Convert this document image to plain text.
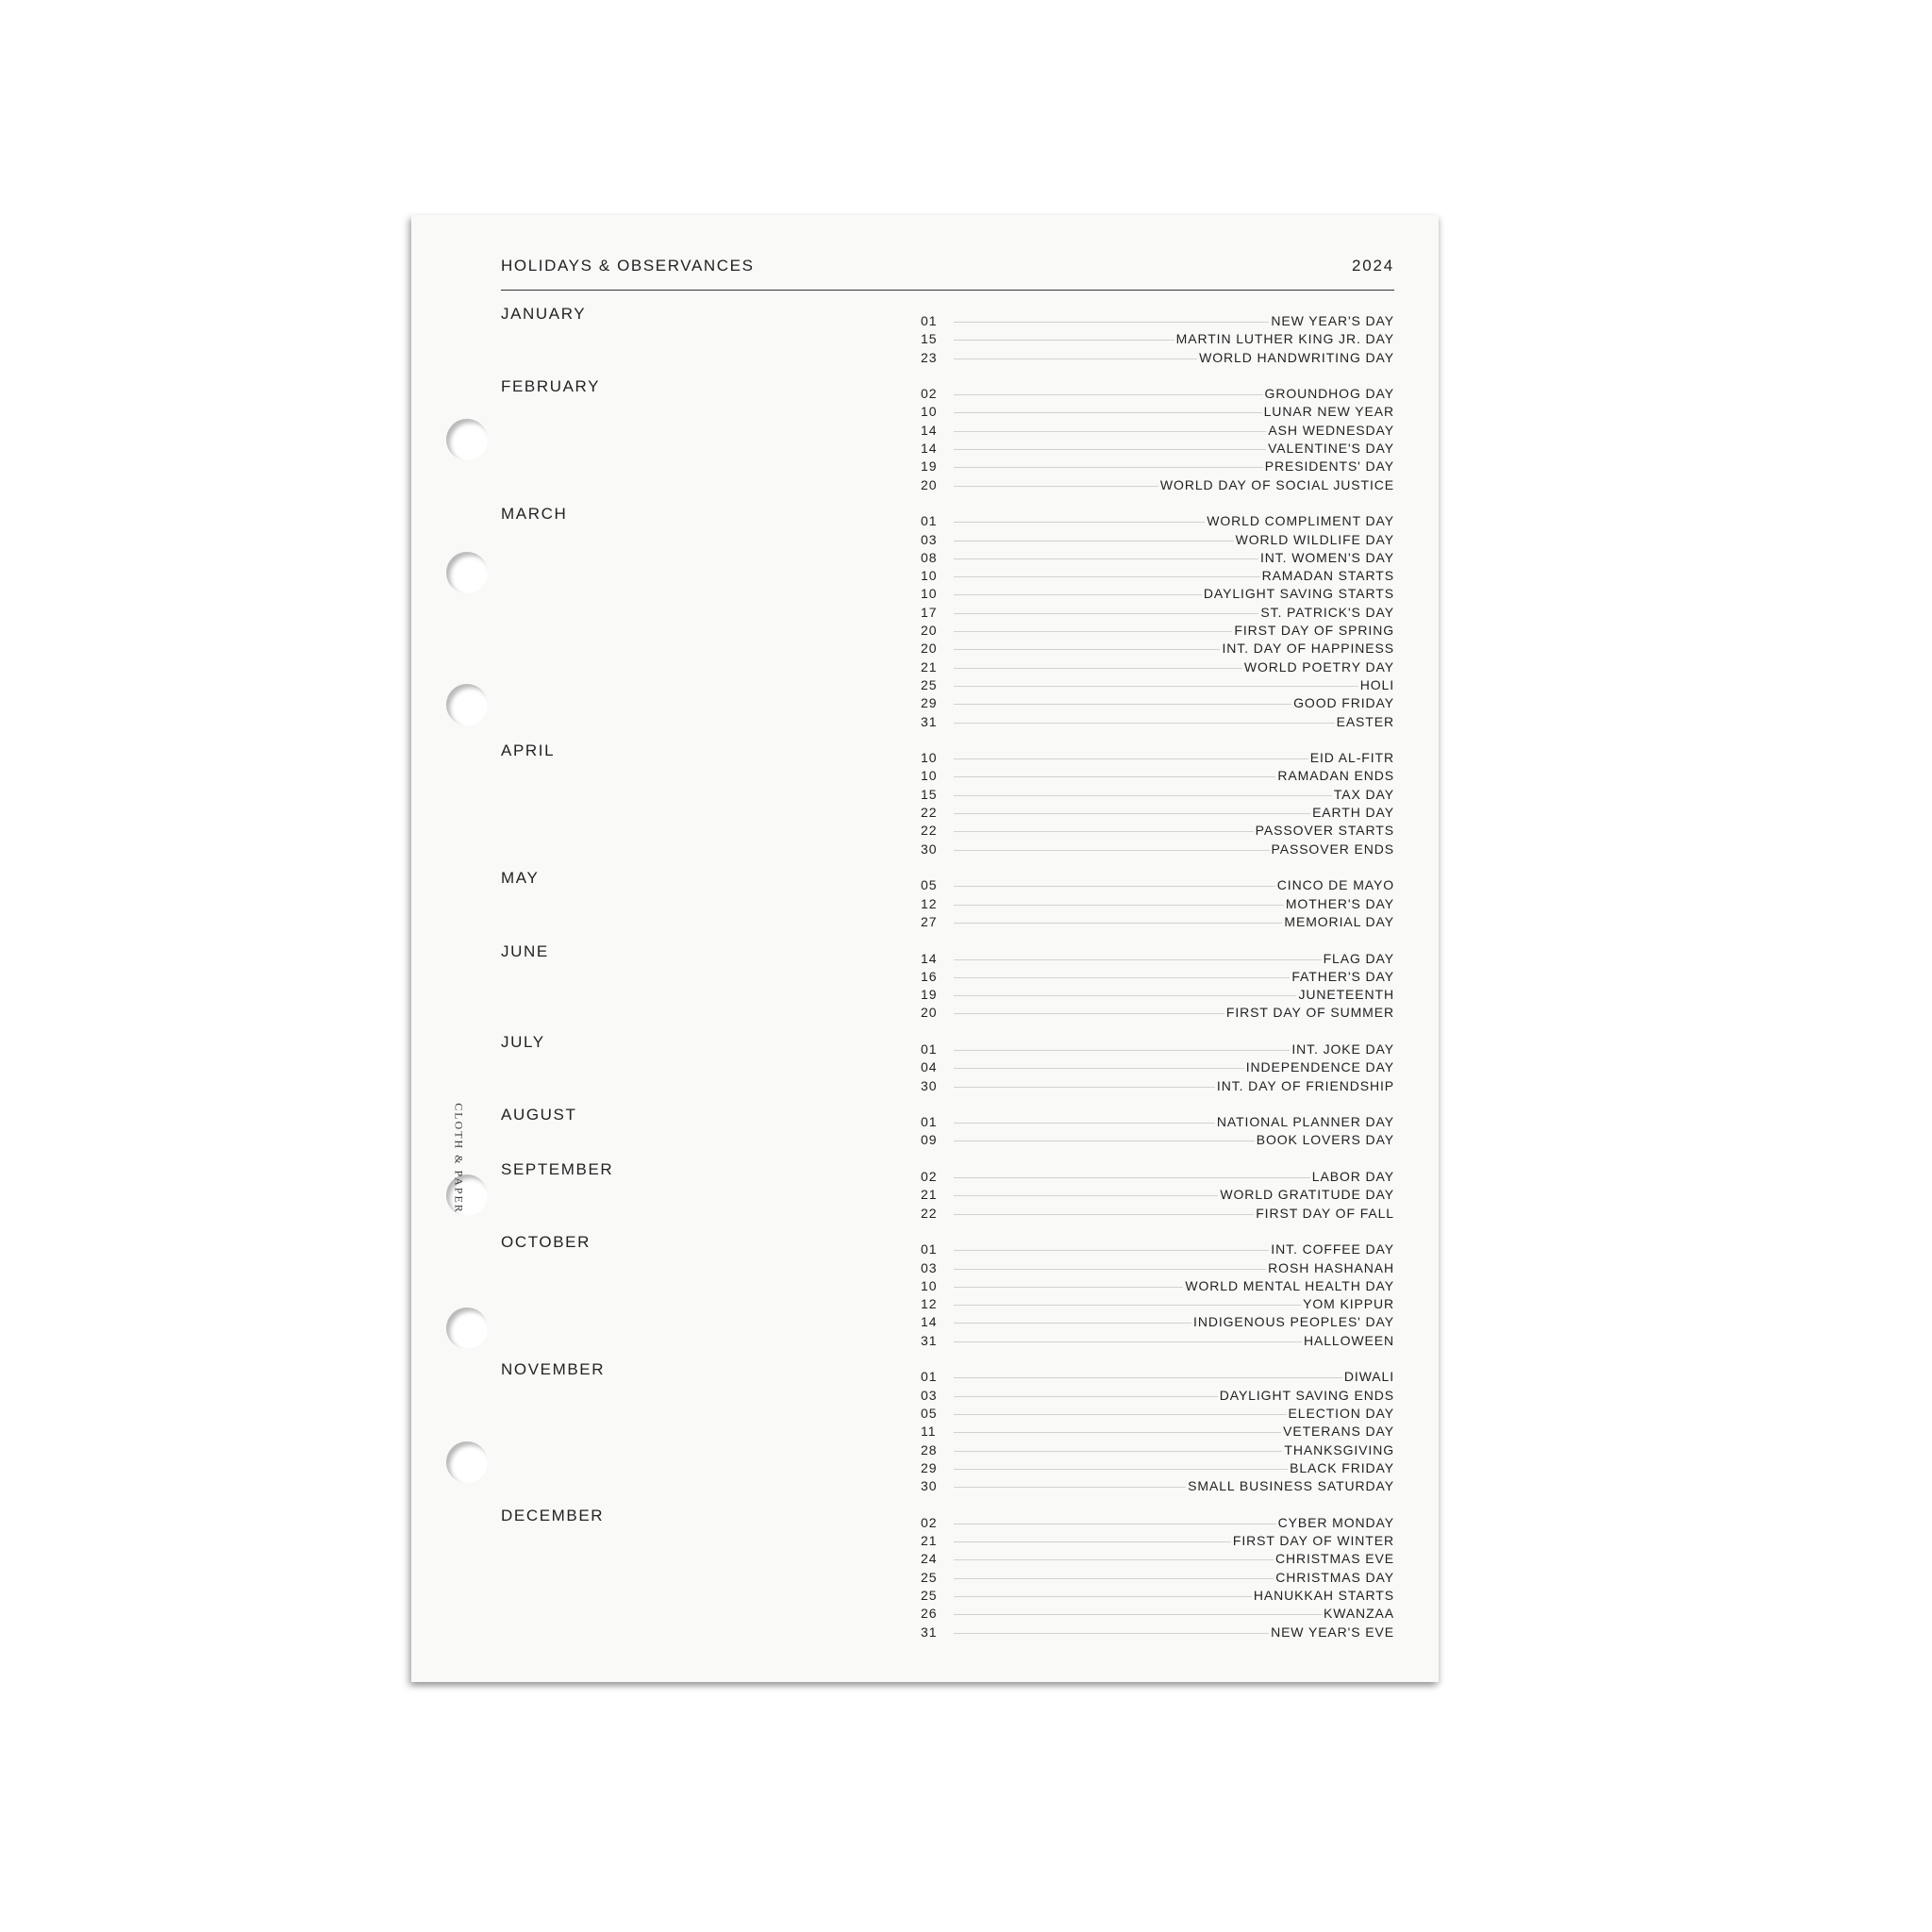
CLOTH & PAPER
HOLIDAYS & OBSERVANCES	2024
JANUARY	01	NEW YEAR'S DAY
15	MARTIN LUTHER KING JR. DAY
23	WORLD HANDWRITING DAY
FEBRUARY	02	GROUNDHOG DAY
10	LUNAR NEW YEAR
14	ASH WEDNESDAY
14	VALENTINE'S DAY
19	PRESIDENTS' DAY
20	WORLD DAY OF SOCIAL JUSTICE
MARCH	01	WORLD COMPLIMENT DAY
03	WORLD WILDLIFE DAY
08	INT. WOMEN'S DAY
10	RAMADAN STARTS
10	DAYLIGHT SAVING STARTS
17	ST. PATRICK'S DAY
20	FIRST DAY OF SPRING
20	INT. DAY OF HAPPINESS
21	WORLD POETRY DAY
25	HOLI
29	GOOD FRIDAY
31	EASTER
APRIL	10	EID AL-FITR
10	RAMADAN ENDS
15	TAX DAY
22	EARTH DAY
22	PASSOVER STARTS
30	PASSOVER ENDS
MAY	05	CINCO DE MAYO
12	MOTHER'S DAY
27	MEMORIAL DAY
JUNE	14	FLAG DAY
16	FATHER'S DAY
19	JUNETEENTH
20	FIRST DAY OF SUMMER
JULY	01	INT. JOKE DAY
04	INDEPENDENCE DAY
30	INT. DAY OF FRIENDSHIP
AUGUST	01	NATIONAL PLANNER DAY
09	BOOK LOVERS DAY
SEPTEMBER	02	LABOR DAY
21	WORLD GRATITUDE DAY
22	FIRST DAY OF FALL
OCTOBER	01	INT. COFFEE DAY
03	ROSH HASHANAH
10	WORLD MENTAL HEALTH DAY
12	YOM KIPPUR
14	INDIGENOUS PEOPLES' DAY
31	HALLOWEEN
NOVEMBER	01	DIWALI
03	DAYLIGHT SAVING ENDS
05	ELECTION DAY
11	VETERANS DAY
28	THANKSGIVING
29	BLACK FRIDAY
30	SMALL BUSINESS SATURDAY
DECEMBER	02	CYBER MONDAY
21	FIRST DAY OF WINTER
24	CHRISTMAS EVE
25	CHRISTMAS DAY
25	HANUKKAH STARTS
26	KWANZAA
31	NEW YEAR'S EVE
